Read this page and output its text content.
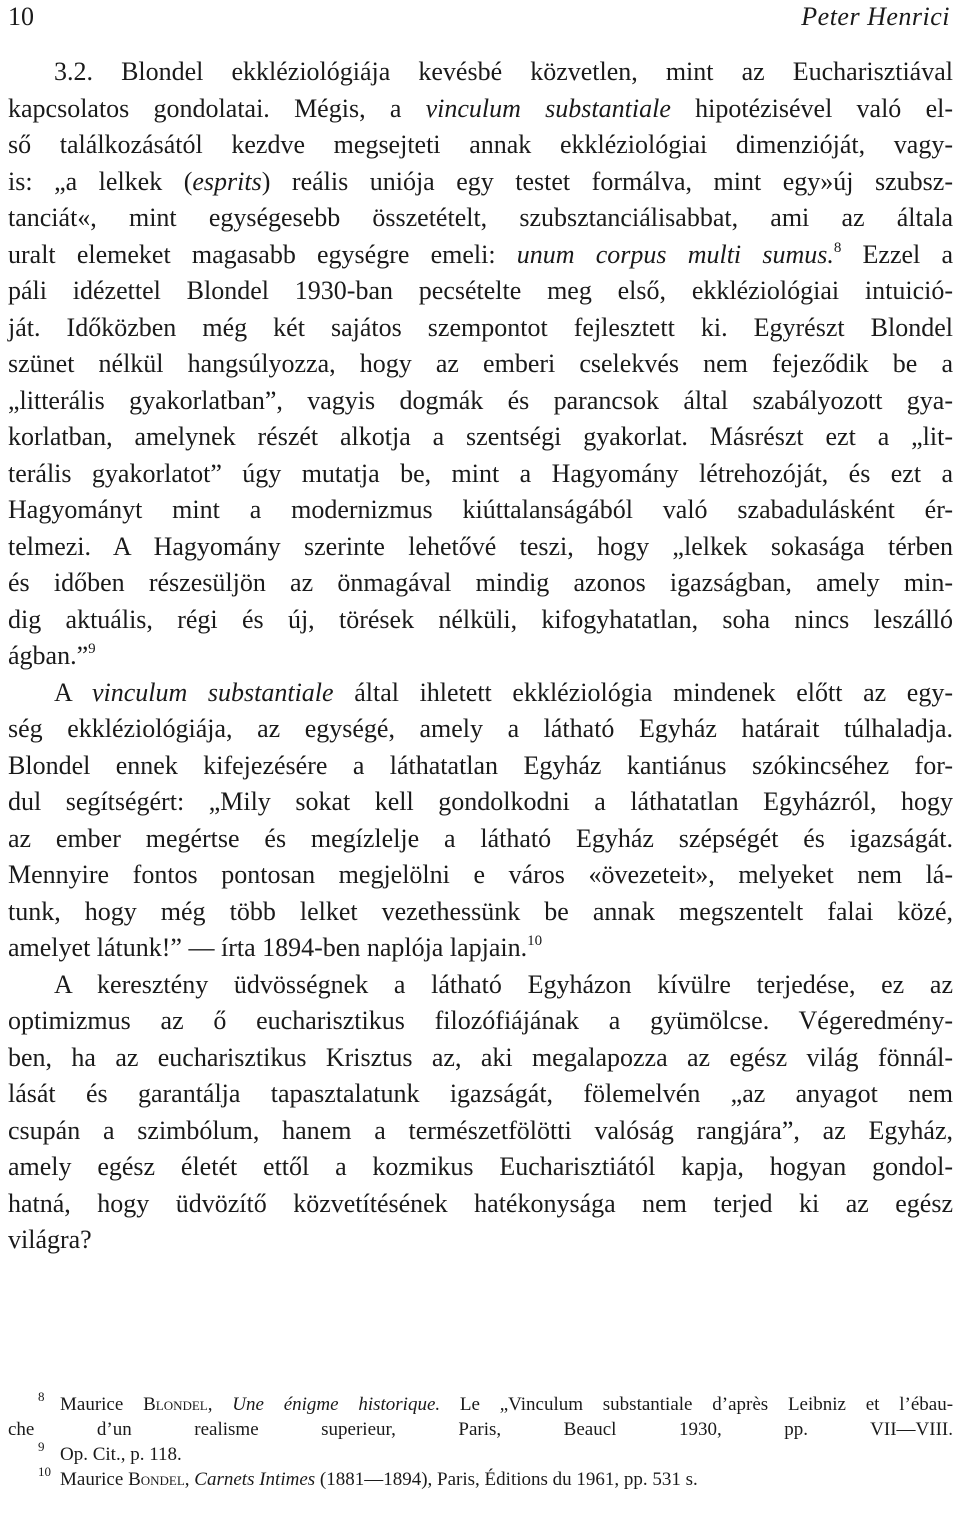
10	Peter Henrici
3.2. Blondel ekkléziológiája kevésbé közvetlen, mint az Eucharisztiával
kapcsolatos gondolatai. Mégis, a vinculum substantiale hipotézisével való el-
ső találkozásától kezdve megsejteti annak ekkléziológiai dimenzióját, vagy-
is: „a lelkek (esprits) reális uniója egy testet formálva, mint egy»új szubsz-
tanciát«, mint egységesebb összetételt, szubsztanciálisabbat, ami az általa
uralt elemeket magasabb egységre emeli: unum corpus multi sumus.$^8$ Ezzel a
páli idézettel Blondel 1930-ban pecsételte meg első, ekkléziológiai intuició-
ját. Időközben még két sajátos szempontot fejlesztett ki. Egyrészt Blondel
szünet nélkül hangsúlyozza, hogy az emberi cselekvés nem fejeződik be a
„litterális gyakorlatban”, vagyis dogmák és parancsok által szabályozott gya-
korlatban, amelynek részét alkotja a szentségi gyakorlat. Másrészt ezt a „lit-
terális gyakorlatot” úgy mutatja be, mint a Hagyomány létrehozóját, és ezt a
Hagyományt mint a modernizmus kiúttalanságából való szabadulásként ér-
telmezi. A Hagyomány szerinte lehetővé teszi, hogy „lelkek sokasága térben
és időben részesüljön az önmagával mindig azonos igazságban, amely min-
dig aktuális, régi és új, törések nélküli, kifogyhatatlan, soha nincs leszálló
ágban.”$^9$
A vinculum substantiale által ihletett ekkléziológia mindenek előtt az egy-
ség ekkléziológiája, az egységé, amely a látható Egyház határait túlhaladja.
Blondel ennek kifejezésére a láthatatlan Egyház kantiánus szókincséhez for-
dul segítségért: „Mily sokat kell gondolkodni a láthatatlan Egyházról, hogy
az ember megértse és megízlelje a látható Egyház szépségét és igazságát.
Mennyire fontos pontosan megjelölni e város «övezeteit», melyeket nem lá-
tunk, hogy még több lelket vezethessünk be annak megszentelt falai közé,
amelyet látunk!” — írta 1894-ben naplója lapjain.$^{10}$
A keresztény üdvösségnek a látható Egyházon kívülre terjedése, ez az
optimizmus az ő eucharisztikus filozófiájának a gyümölcse. Végeredmény-
ben, ha az eucharisztikus Krisztus az, aki megalapozza az egész világ fönnál-
lását és garantálja tapasztalatunk igazságát, fölemelvén „az anyagot nem
csupán a szimbólum, hanem a természetfölötti valóság rangjára”, az Egyház,
amely egész életét ettől a kozmikus Eucharisztiától kapja, hogyan gondol-
hatná, hogy üdvözítő közvetítésének hatékonysága nem terjed ki az egész
világra?
8 Maurice Blondel, Une énigme historique. Le „Vinculum substantiale d’après Leibniz et l’ébau-
che d’un realisme superieur, Paris, Beaucl 1930, pp. VII—VIII.
9 Op. Cit., p. 118.
10 Maurice Bondel, Carnets Intimes (1881—1894), Paris, Éditions du 1961, pp. 531 s.
